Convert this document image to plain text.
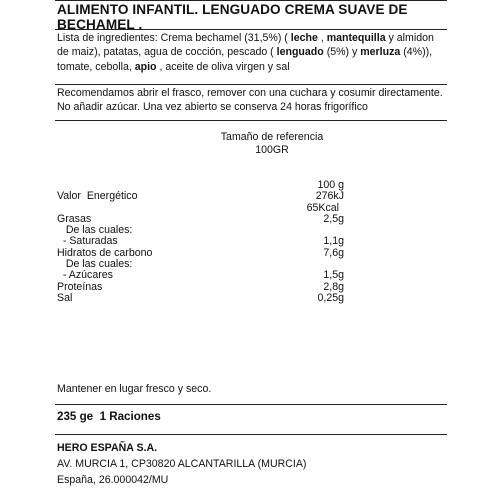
ALIMENTO INFANTIL. LENGUADO CREMA SUAVE DE BECHAMEL .
Lista de ingredientes: Crema bechamel (31,5%) ( leche , mantequilla y almidon de maiz), patatas, agua de cocción, pescado ( lenguado (5%) y merluza (4%)), tomate, cebolla, apio , aceite de oliva virgen y sal
Recomendamos abrir el frasco, remover con una cuchara y cosumir directamente.
No añadir azúcar. Una vez abierto se conserva 24 horas frigorífico
Tamaño de referencia
100GR
100 g
Valor  Energético	276kJ
65Kcal
Grasas	2,5g
De las cuales:
- Saturadas	1,1g
Hidratos de carbono	7,6g
De las cuales:
- Azúcares	1,5g
Proteínas	2,8g
Sal	0,25g
Mantener en lugar fresco y seco.
235 ge 1 Raciones
HERO ESPAÑA S.A.
AV. MURCIA 1, CP30820 ALCANTARILLA (MURCIA)
España, 26.000042/MU
